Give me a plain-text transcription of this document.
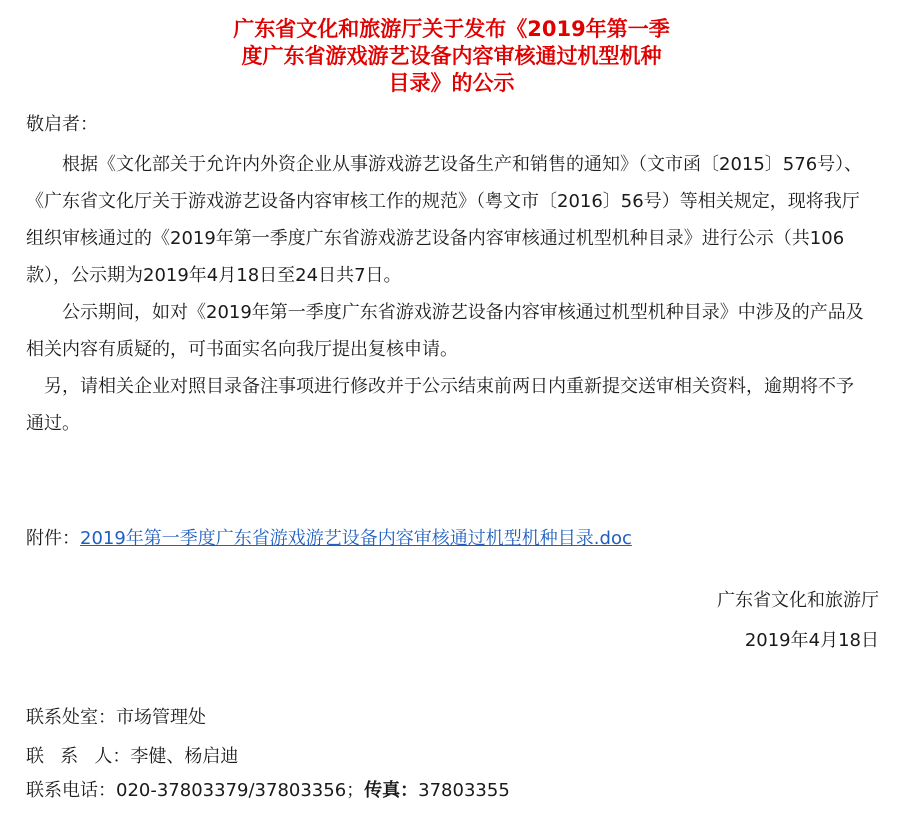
广东省文化和旅游厅关于发布《2019年第一季
度广东省游戏游艺设备内容审核通过机型机种
目录》的公示
敬启者：

根据《文化部关于允许内外资企业从事游戏游艺设备生产和销售的通知》（文市函〔2015〕576号）、《广东省文化厅关于游戏游艺设备内容审核工作的规范》（粤文市〔2016〕56号）等相关规定，现将我厅组织审核通过的《2019年第一季度广东省游戏游艺设备内容审核通过机型机种目录》进行公示（共106款），公示期为2019年4月18日至24日共7日。

公示期间，如对《2019年第一季度广东省游戏游艺设备内容审核通过机型机种目录》中涉及的产品及相关内容有质疑的，可书面实名向我厅提出复核申请。

另，请相关企业对照目录备注事项进行修改并于公示结束前两日内重新提交送审相关资料，逾期将不予通过。

附件：2019年第一季度广东省游戏游艺设备内容审核通过机型机种目录.doc
广东省文化和旅游厅
2019年4月18日
联系处室：市场管理处
联系人：李健、杨启迪
联系电话：020-37803379/37803356；传真：37803355
